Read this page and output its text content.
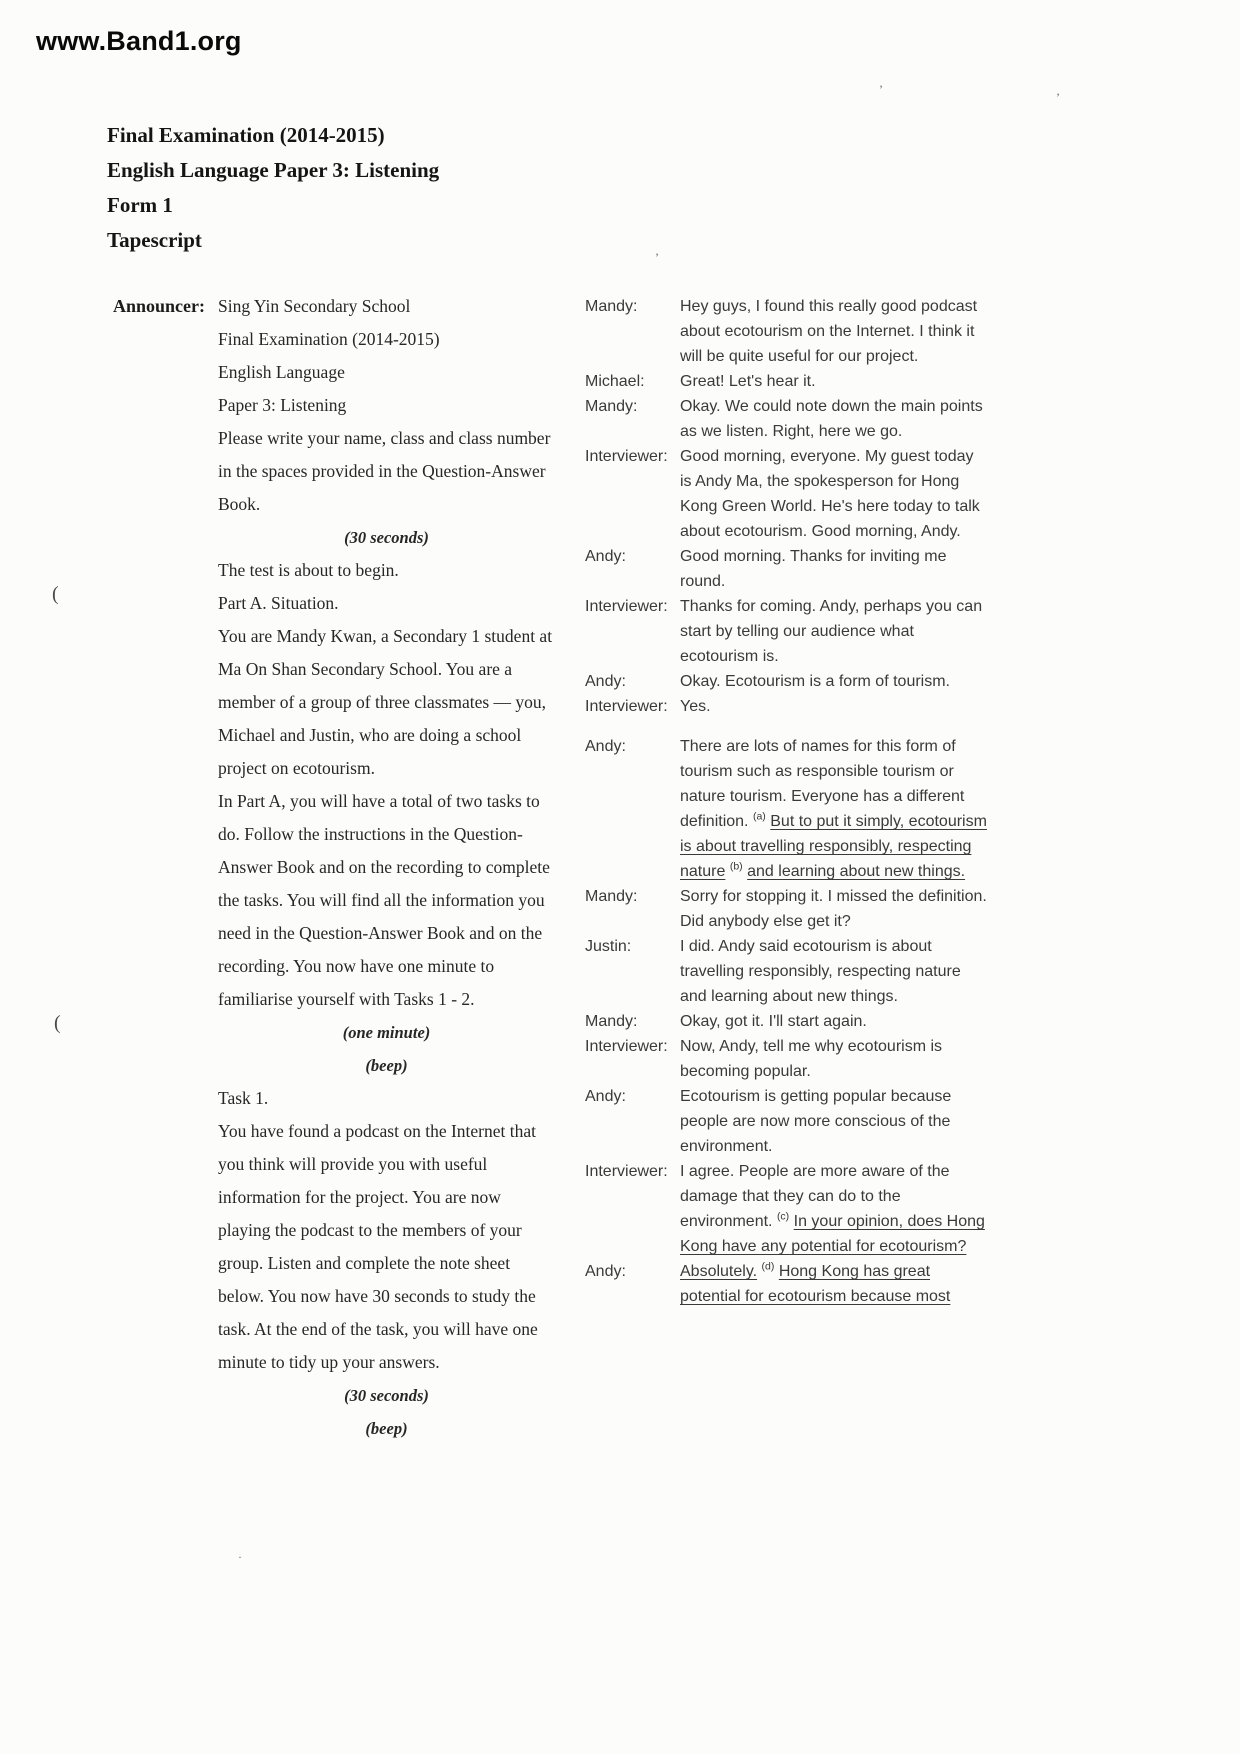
www.Band1.org
Final Examination (2014-2015)
English Language Paper 3: Listening
Form 1
Tapescript
Announcer: Sing Yin Secondary School
Final Examination (2014-2015)
English Language
Paper 3: Listening
Please write your name, class and class number in the spaces provided in the Question-Answer Book.
(30 seconds)
The test is about to begin.
Part A. Situation.
You are Mandy Kwan, a Secondary 1 student at Ma On Shan Secondary School. You are a member of a group of three classmates — you, Michael and Justin, who are doing a school project on ecotourism.
In Part A, you will have a total of two tasks to do. Follow the instructions in the Question-Answer Book and on the recording to complete the tasks. You will find all the information you need in the Question-Answer Book and on the recording. You now have one minute to familiarise yourself with Tasks 1 - 2.
(one minute)
(beep)
Task 1.
You have found a podcast on the Internet that you think will provide you with useful information for the project. You are now playing the podcast to the members of your group. Listen and complete the note sheet below. You now have 30 seconds to study the task. At the end of the task, you will have one minute to tidy up your answers.
(30 seconds)
(beep)
Mandy:	Hey guys, I found this really good podcast about ecotourism on the Internet. I think it will be quite useful for our project.
Michael:	Great! Let's hear it.
Mandy:	Okay. We could note down the main points as we listen. Right, here we go.
Interviewer: Good morning, everyone. My guest today is Andy Ma, the spokesperson for Hong Kong Green World. He's here today to talk about ecotourism. Good morning, Andy.
Andy:	Good morning. Thanks for inviting me round.
Interviewer: Thanks for coming. Andy, perhaps you can start by telling our audience what ecotourism is.
Andy:	Okay. Ecotourism is a form of tourism.
Interviewer: Yes.
Andy:	There are lots of names for this form of tourism such as responsible tourism or nature tourism. Everyone has a different definition. $^{(a)}$ But to put it simply, ecotourism is about travelling responsibly, respecting nature $^{(b)}$ and learning about new things.
Mandy:	Sorry for stopping it. I missed the definition. Did anybody else get it?
Justin:	I did. Andy said ecotourism is about travelling responsibly, respecting nature and learning about new things.
Mandy:	Okay, got it. I'll start again.
Interviewer: Now, Andy, tell me why ecotourism is becoming popular.
Andy:	Ecotourism is getting popular because people are now more conscious of the environment.
Interviewer: I agree. People are more aware of the damage that they can do to the environment. $^{(c)}$ In your opinion, does Hong Kong have any potential for ecotourism?
Andy:	Absolutely. $^{(d)}$ Hong Kong has great potential for ecotourism because most
(
(
’
’
’
·
